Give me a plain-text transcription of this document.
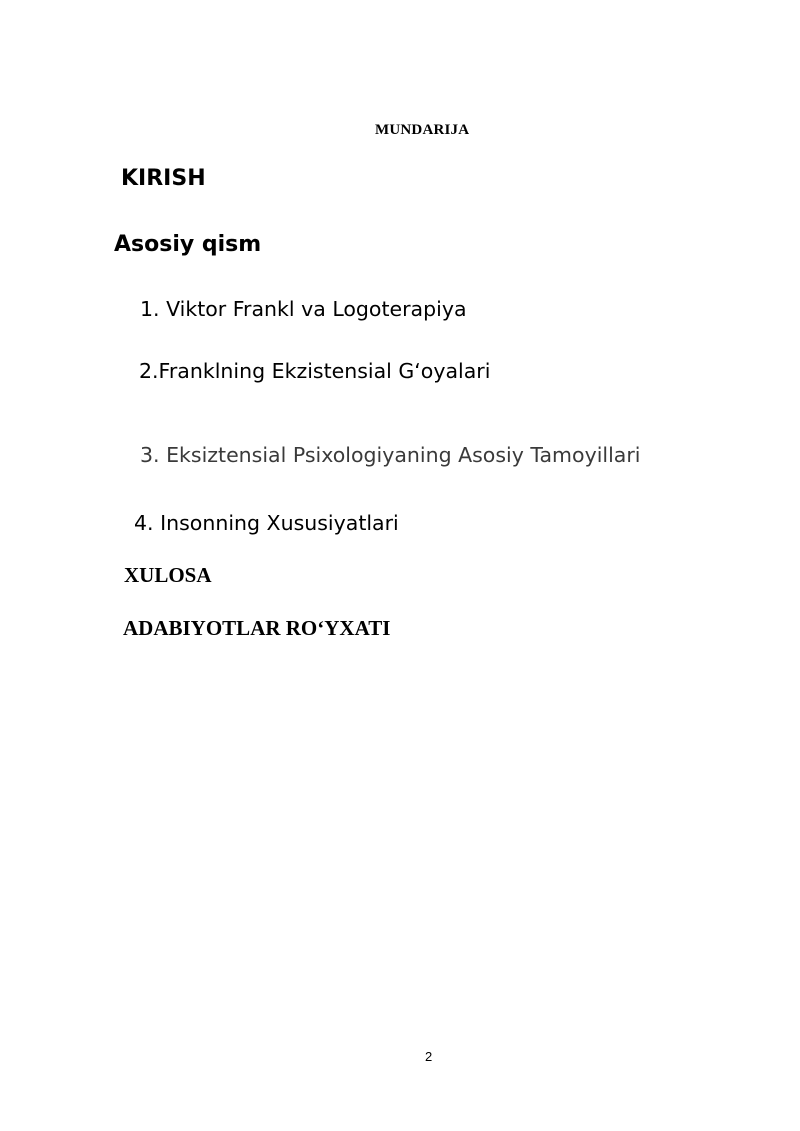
MUNDARIJA

KIRISH

Asosiy qism

1. Viktor Frankl va Logoterapiya

2.Franklning Ekzistensial G‘oyalari

3. Eksiztensial Psixologiyaning Asosiy Tamoyillari

4. Insonning Xususiyatlari

XULOSA

ADABIYOTLAR RO‘YXATI

2
